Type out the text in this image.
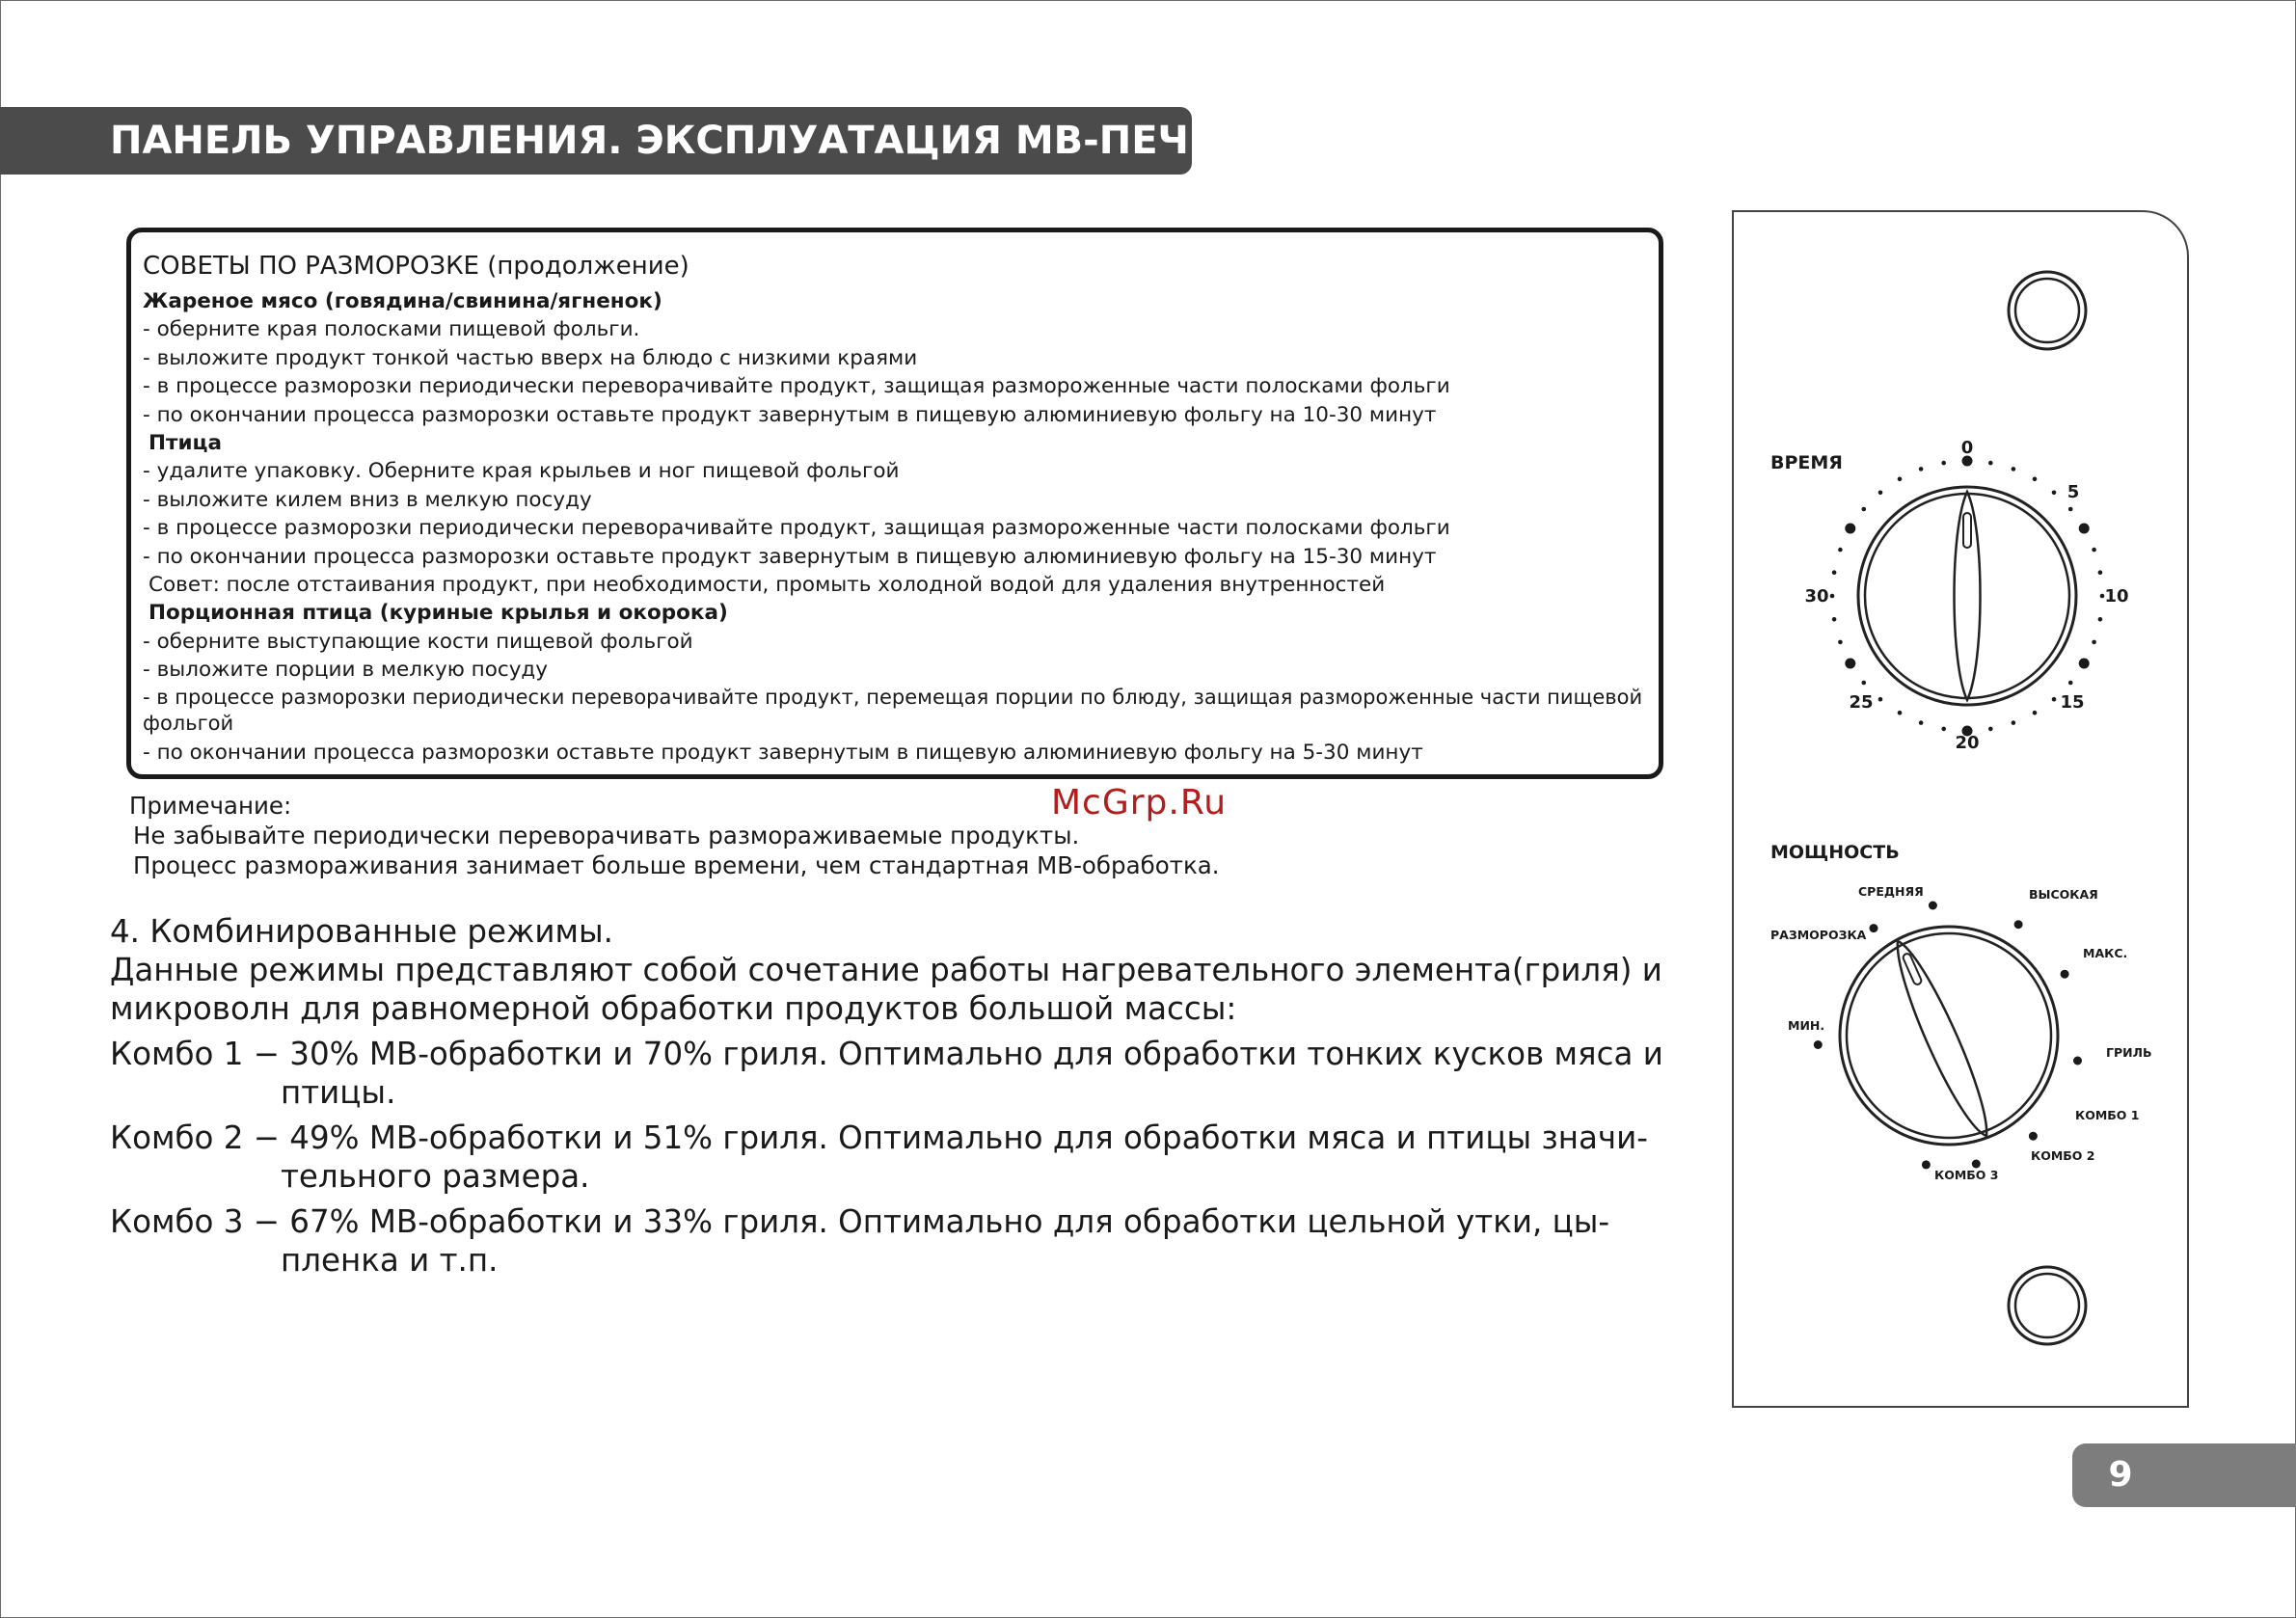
ПАНЕЛЬ УПРАВЛЕНИЯ. ЭКСПЛУАТАЦИЯ МВ-ПЕЧИ
СОВЕТЫ ПО РАЗМОРОЗКЕ (продолжение)
Жареное мясо (говядина/свинина/ягненок)
- оберните края полосками пищевой фольги.
- выложите продукт тонкой частью вверх на блюдо с низкими краями
- в процессе разморозки периодически переворачивайте продукт, защищая размороженные части полосками фольги
- по окончании процесса разморозки оставьте продукт завернутым в пищевую алюминиевую фольгу на 10-30 минут
Птица
- удалите упаковку. Оберните края крыльев и ног пищевой фольгой
- выложите килем вниз в мелкую посуду
- в процессе разморозки периодически переворачивайте продукт, защищая размороженные части полосками фольги
- по окончании процесса разморозки оставьте продукт завернутым в пищевую алюминиевую фольгу на 15-30 минут
Совет: после отстаивания продукт, при необходимости, промыть холодной водой для удаления внутренностей
Порционная птица (куриные крылья и окорока)
- оберните выступающие кости пищевой фольгой
- выложите порции в мелкую посуду
- в процессе разморозки периодически переворачивайте продукт, перемещая порции по блюду, защищая размороженные части пищевой фольгой
- по окончании процесса разморозки оставьте продукт завернутым в пищевую алюминиевую фольгу на 5-30 минут
Примечание:
Не забывайте периодически переворачивать размораживаемые продукты.
Процесс размораживания занимает больше времени, чем стандартная МВ-обработка.
McGrp.Ru
4. Комбинированные режимы.
Данные режимы представляют собой сочетание работы нагревательного элемента(гриля) и
микроволн для равномерной обработки продуктов большой массы:
Комбо 1 − 30% МВ-обработки и 70% гриля. Оптимально для обработки тонких кусков мяса и
птицы.
Комбо 2 − 49% МВ-обработки и 51% гриля. Оптимально для обработки мяса и птицы значи-
тельного размера.
Комбо 3 − 67% МВ-обработки и 33% гриля. Оптимально для обработки цельной утки, цы-
пленка и т.п.
ВРЕМЯ
0
5
10
15
20
25
30
МОЩНОСТЬ
СРЕДНЯЯ	ВЫСОКАЯ
РАЗМОРОЗКА
МАКС.
МИН.
ГРИЛЬ
КОМБО 1
КОМБО 2
КОМБО 3
9
